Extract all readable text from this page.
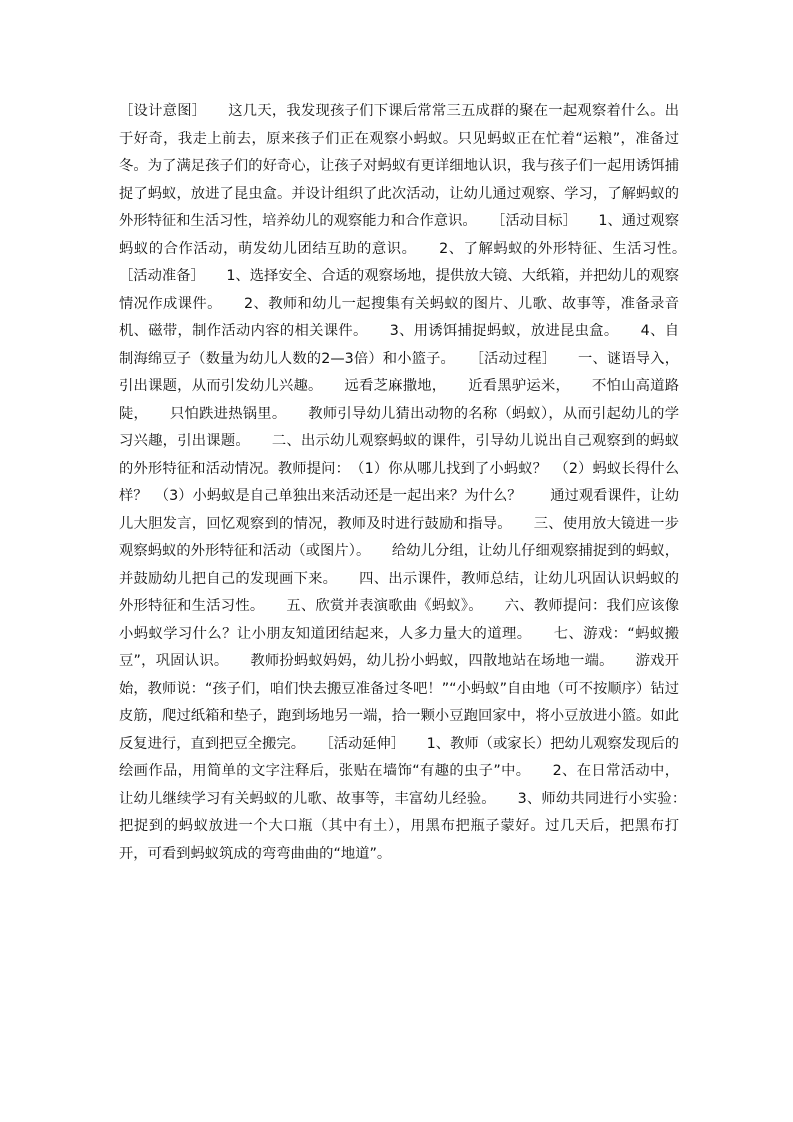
［设计意图］　　这几天，我发现孩子们下课后常常三五成群的聚在一起观察着什么。出于好奇，我走上前去，原来孩子们正在观察小蚂蚁。只见蚂蚁正在忙着“运粮”，准备过冬。为了满足孩子们的好奇心，让孩子对蚂蚁有更详细地认识，我与孩子们一起用诱饵捕捉了蚂蚁，放进了昆虫盒。并设计组织了此次活动，让幼儿通过观察、学习，了解蚂蚁的外形特征和生活习性，培养幼儿的观察能力和合作意识。　　［活动目标］　　1、通过观察蚂蚁的合作活动，萌发幼儿团结互助的意识。　　2、了解蚂蚁的外形特征、生活习性。　　［活动准备］　　1、选择安全、合适的观察场地，提供放大镜、大纸箱，并把幼儿的观察情况作成课件。　　2、教师和幼儿一起搜集有关蚂蚁的图片、儿歌、故事等，准备录音机、磁带，制作活动内容的相关课件。　　3、用诱饵捕捉蚂蚁，放进昆虫盒。　　4、自制海绵豆子（数量为幼儿人数的2—3倍）和小篮子。　　［活动过程］　　一、谜语导入，引出课题，从而引发幼儿兴趣。　　远看芝麻撒地，　　近看黑驴运米，　　不怕山高道路陡，　　只怕跌进热锅里。　　教师引导幼儿猜出动物的名称（蚂蚁），从而引起幼儿的学习兴趣，引出课题。　　二、出示幼儿观察蚂蚁的课件，引导幼儿说出自己观察到的蚂蚁的外形特征和活动情况。教师提问：　（1）你从哪儿找到了小蚂蚁？　（2）蚂蚁长得什么样？　（3）小蚂蚁是自己单独出来活动还是一起出来？为什么？　　通过观看课件，让幼儿大胆发言，回忆观察到的情况，教师及时进行鼓励和指导。　　三、使用放大镜进一步观察蚂蚁的外形特征和活动（或图片）。　　给幼儿分组，让幼儿仔细观察捕捉到的蚂蚁，并鼓励幼儿把自己的发现画下来。　　四、出示课件，教师总结，让幼儿巩固认识蚂蚁的外形特征和生活习性。　　五、欣赏并表演歌曲《蚂蚁》。　　六、教师提问：我们应该像小蚂蚁学习什么？让小朋友知道团结起来，人多力量大的道理。　　七、游戏：“蚂蚁搬豆”，巩固认识。　　教师扮蚂蚁妈妈，幼儿扮小蚂蚁，四散地站在场地一端。　　游戏开始，教师说：“孩子们，咱们快去搬豆准备过冬吧！”“小蚂蚁”自由地（可不按顺序）钻过皮筋，爬过纸箱和垫子，跑到场地另一端，拾一颗小豆跑回家中，将小豆放进小篮。如此反复进行，直到把豆全搬完。　　［活动延伸］　　1、教师（或家长）把幼儿观察发现后的绘画作品，用简单的文字注释后，张贴在墙饰“有趣的虫子”中。　　2、在日常活动中，让幼儿继续学习有关蚂蚁的儿歌、故事等，丰富幼儿经验。　　3、师幼共同进行小实验：　　把捉到的蚂蚁放进一个大口瓶（其中有土），用黑布把瓶子蒙好。过几天后，把黑布打开，可看到蚂蚁筑成的弯弯曲曲的“地道”。
